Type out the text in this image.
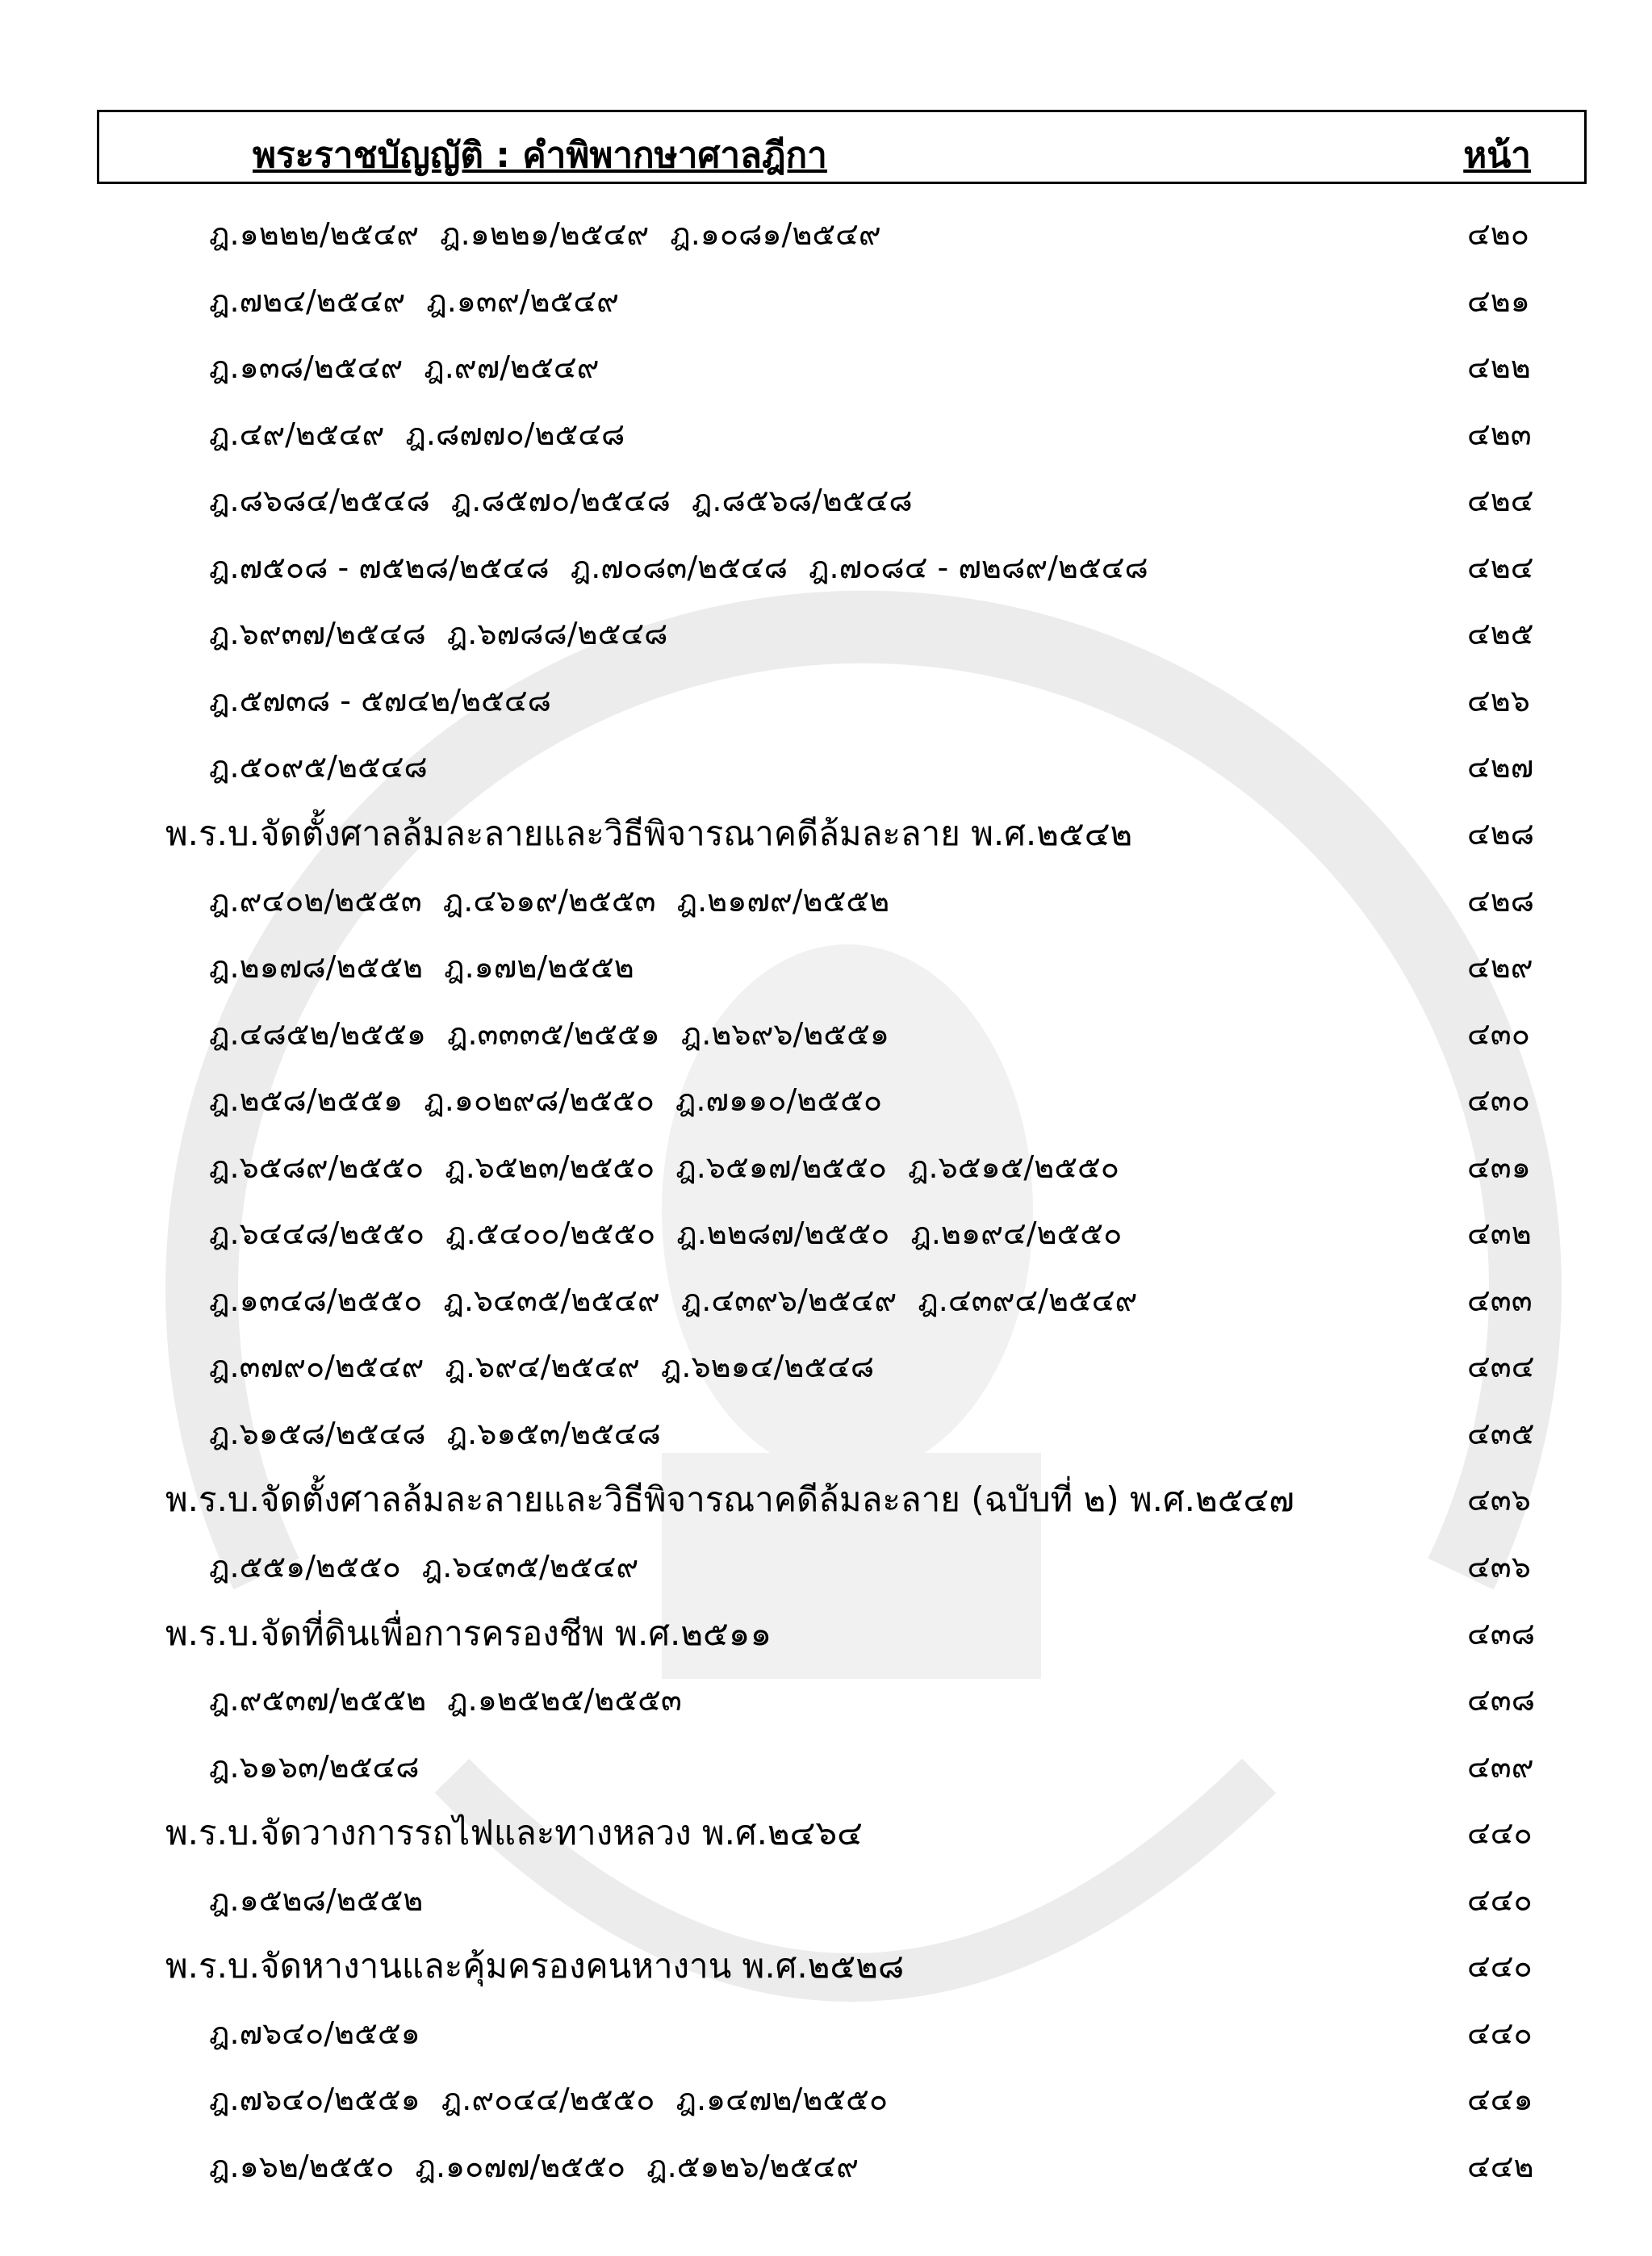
พระราชบัญญัติ : คำพิพากษาศาลฎีกา	หน้า
ฎ.๑๒๒๒/๒๕๔๙ ฎ.๑๒๒๑/๒๕๔๙ ฎ.๑๐๘๑/๒๕๔๙	๔๒๐
ฎ.๗๒๔/๒๕๔๙ ฎ.๑๓๙/๒๕๔๙	๔๒๑
ฎ.๑๓๘/๒๕๔๙ ฎ.๙๗/๒๕๔๙	๔๒๒
ฎ.๔๙/๒๕๔๙ ฎ.๘๗๗๐/๒๕๔๘	๔๒๓
ฎ.๘๖๘๔/๒๕๔๘ ฎ.๘๕๗๐/๒๕๔๘ ฎ.๘๕๖๘/๒๕๔๘	๔๒๔
ฎ.๗๕๐๘ - ๗๕๒๘/๒๕๔๘ ฎ.๗๐๘๓/๒๕๔๘ ฎ.๗๐๘๔ - ๗๒๘๙/๒๕๔๘	๔๒๔
ฎ.๖๙๓๗/๒๕๔๘ ฎ.๖๗๘๘/๒๕๔๘	๔๒๕
ฎ.๕๗๓๘ - ๕๗๔๒/๒๕๔๘	๔๒๖
ฎ.๕๐๙๕/๒๕๔๘	๔๒๗
พ.ร.บ.จัดตั้งศาลล้มละลายและวิธีพิจารณาคดีล้มละลาย พ.ศ.๒๕๔๒	๔๒๘
ฎ.๙๔๐๒/๒๕๕๓ ฎ.๔๖๑๙/๒๕๕๓ ฎ.๒๑๗๙/๒๕๕๒	๔๒๘
ฎ.๒๑๗๘/๒๕๕๒ ฎ.๑๗๒/๒๕๕๒	๔๒๙
ฎ.๔๘๕๒/๒๕๕๑ ฎ.๓๓๓๕/๒๕๕๑ ฎ.๒๖๙๖/๒๕๕๑	๔๓๐
ฎ.๒๕๘/๒๕๕๑ ฎ.๑๐๒๙๘/๒๕๕๐ ฎ.๗๑๑๐/๒๕๕๐	๔๓๐
ฎ.๖๕๘๙/๒๕๕๐ ฎ.๖๕๒๓/๒๕๕๐ ฎ.๖๕๑๗/๒๕๕๐ ฎ.๖๕๑๕/๒๕๕๐	๔๓๑
ฎ.๖๔๔๘/๒๕๕๐ ฎ.๕๔๐๐/๒๕๕๐ ฎ.๒๒๘๗/๒๕๕๐ ฎ.๒๑๙๔/๒๕๕๐	๔๓๒
ฎ.๑๓๔๘/๒๕๕๐ ฎ.๖๔๓๕/๒๕๔๙ ฎ.๔๓๙๖/๒๕๔๙ ฎ.๔๓๙๔/๒๕๔๙	๔๓๓
ฎ.๓๗๙๐/๒๕๔๙ ฎ.๖๙๔/๒๕๔๙ ฎ.๖๒๑๔/๒๕๔๘	๔๓๔
ฎ.๖๑๕๘/๒๕๔๘ ฎ.๖๑๕๓/๒๕๔๘	๔๓๕
พ.ร.บ.จัดตั้งศาลล้มละลายและวิธีพิจารณาคดีล้มละลาย (ฉบับที่ ๒) พ.ศ.๒๕๔๗	๔๓๖
ฎ.๕๕๑/๒๕๕๐ ฎ.๖๔๓๕/๒๕๔๙	๔๓๖
พ.ร.บ.จัดที่ดินเพื่อการครองชีพ พ.ศ.๒๕๑๑	๔๓๘
ฎ.๙๕๓๗/๒๕๕๒ ฎ.๑๒๕๒๕/๒๕๕๓	๔๓๘
ฎ.๖๑๖๓/๒๕๔๘	๔๓๙
พ.ร.บ.จัดวางการรถไฟและทางหลวง พ.ศ.๒๔๖๔	๔๔๐
ฎ.๑๕๒๘/๒๕๕๒	๔๔๐
พ.ร.บ.จัดหางานและคุ้มครองคนหางาน พ.ศ.๒๕๒๘	๔๔๐
ฎ.๗๖๔๐/๒๕๕๑	๔๔๐
ฎ.๗๖๔๐/๒๕๕๑ ฎ.๙๐๔๔/๒๕๕๐ ฎ.๑๔๗๒/๒๕๕๐	๔๔๑
ฎ.๑๖๒/๒๕๕๐ ฎ.๑๐๗๗/๒๕๕๐ ฎ.๕๑๒๖/๒๕๔๙	๔๔๒
